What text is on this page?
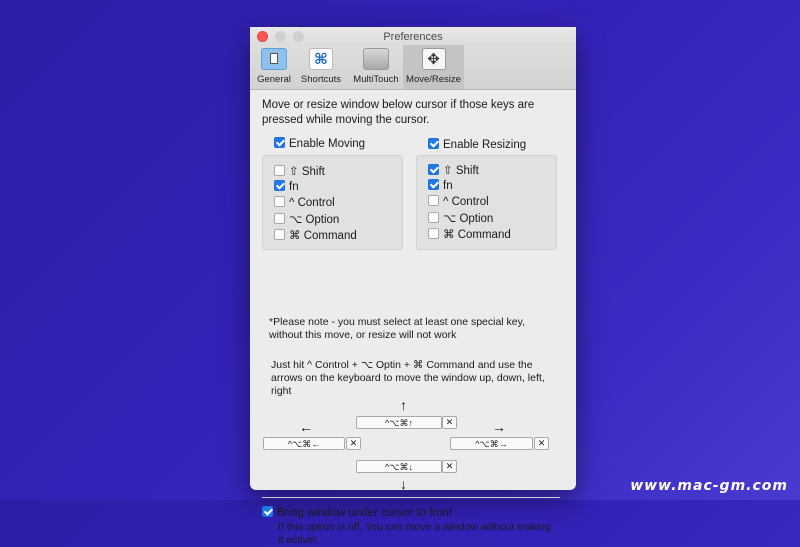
Preferences
General
⌘
Shortcuts	MultiTouch
✥
Move/Resize
Move or resize window below cursor if those keys are pressed while moving the cursor.
Enable Moving	Enable Resizing
⇧ Shift
fn
^ Control
⌥ Option
⌘ Command
⇧ Shift
fn
^ Control
⌥ Option
⌘ Command
*Please note - you must select at least one special key, without this move, or resize will not work
Just hit ^ Control + ⌥ Optin + ⌘ Command and use the arrows on the keyboard to move the window up, down, left, right
↑
^⌥⌘↑	✕
←
^⌥⌘←	✕
→
^⌥⌘→	✕
^⌥⌘↓	✕
↓
Bring window under cursor to front
If this option is off, You can move a window without making it active!
www.mac-gm.com
